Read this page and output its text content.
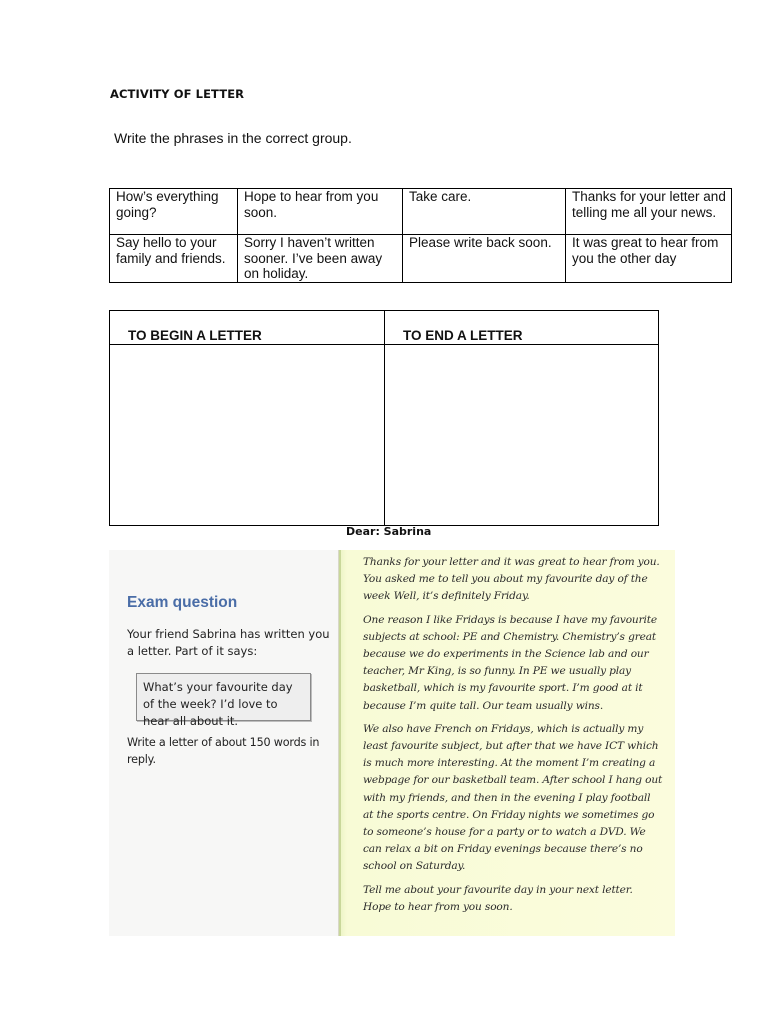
ACTIVITY OF LETTER
Write the phrases in the correct group.
How’s everything going?	Hope to hear from you soon.	Take care.	Thanks for your letter and telling me all your news.
Say hello to your family and friends.	Sorry I haven’t written sooner. I’ve been away on holiday.	Please write back soon.	It was great to hear from you the other day
TO BEGIN A LETTER	TO END A LETTER

Dear: Sabrina
Exam question
Your friend Sabrina has written you a letter. Part of it says:
What’s your favourite day of the week? I’d love to hear all about it.
Write a letter of about 150 words in reply.

Thanks for your letter and it was great to hear from you. You asked me to tell you about my favourite day of the week Well, it’s definitely Friday.

One reason I like Fridays is because I have my favourite subjects at school: PE and Chemistry. Chemistry’s great because we do experiments in the Science lab and our teacher, Mr King, is so funny. In PE we usually play basketball, which is my favourite sport. I’m good at it because I’m quite tall. Our team usually wins.

We also have French on Fridays, which is actually my least favourite subject, but after that we have ICT which is much more interesting. At the moment I’m creating a webpage for our basketball team. After school I hang out with my friends, and then in the evening I play football at the sports centre. On Friday nights we sometimes go to someone’s house for a party or to watch a DVD. We can relax a bit on Friday evenings because there’s no school on Saturday.

Tell me about your favourite day in your next letter. Hope to hear from you soon.
